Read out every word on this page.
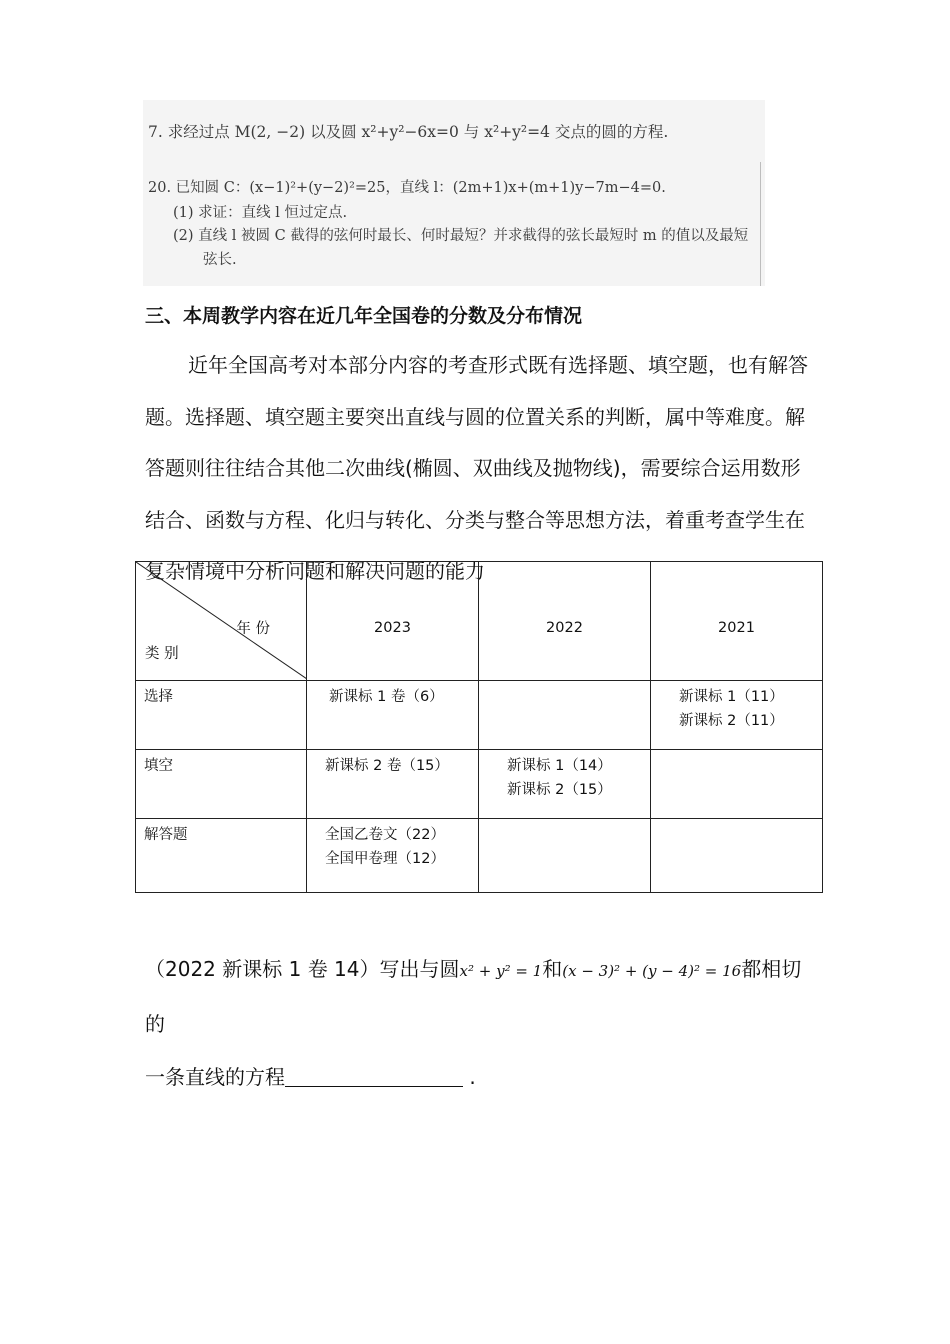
7. 求经过点 M(2, −2) 以及圆 x²+y²−6x=0 与 x²+y²=4 交点的圆的方程.
20. 已知圆 C：(x−1)²+(y−2)²=25，直线 l：(2m+1)x+(m+1)y−7m−4=0.
(1) 求证：直线 l 恒过定点.
(2) 直线 l 被圆 C 截得的弦何时最长、何时最短？并求截得的弦长最短时 m 的值以及最短
弦长.
三、本周教学内容在近几年全国卷的分数及分布情况
近年全国高考对本部分内容的考查形式既有选择题、填空题，也有解答题。选择题、填空题主要突出直线与圆的位置关系的判断，属中等难度。解答题则往往结合其他二次曲线(椭圆、双曲线及抛物线)，需要综合运用数形结合、函数与方程、化归与转化、分类与整合等思想方法，着重考查学生在复杂情境中分析问题和解决问题的能力
年 份
类 别	2023	2022	2021

选择	新课标 1 卷（6）		新课标 1（11）
新课标 2（11）

填空	新课标 2 卷（15）	新课标 1（14）
新课标 2（15）	

解答题	全国乙卷文（22）
全国甲卷理（12）		

（2022 新课标 1 卷 14）写出与圆x² + y² = 1和(x − 3)² + (y − 4)² = 16都相切的
一条直线的方程	.
